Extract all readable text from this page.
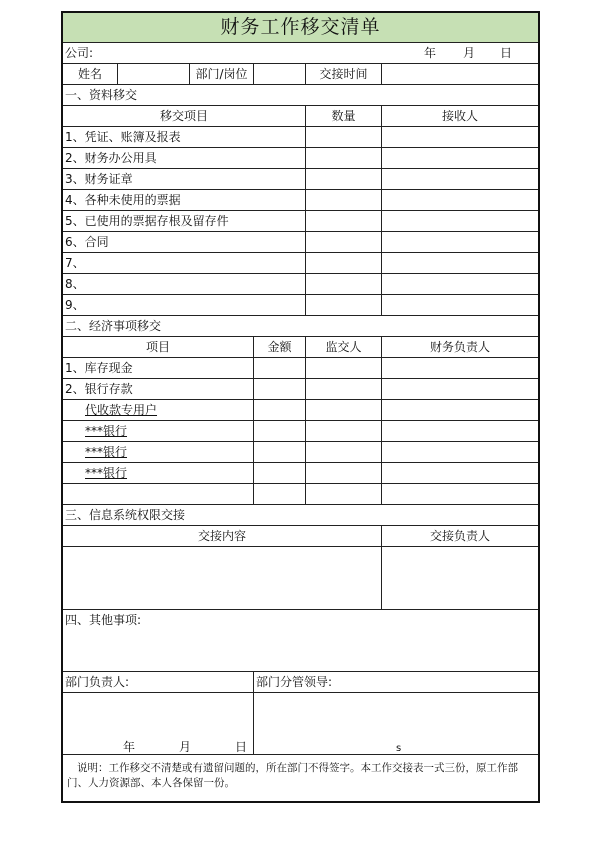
财务工作移交清单
公司:	年 月 日
姓名	部门/岗位	交接时间
一、资料移交
移交项目	数量	接收人
1、凭证、账簿及报表
2、财务办公用具
3、财务证章
4、各种未使用的票据
5、已使用的票据存根及留存件
6、合同
7、
8、
9、
二、经济事项移交
项目	金额	监交人	财务负责人
1、库存现金
2、银行存款
代收款专用户
***银行
***银行
***银行
三、信息系统权限交接
交接内容	交接负责人
四、其他事项:
部门负责人:	部门分管领导:
年	月	日	s
说明：工作移交不清楚或有遗留问题的，所在部门不得签字。本工作交接表一式三份，原工作部门、人力资源部、本人各保留一份。
